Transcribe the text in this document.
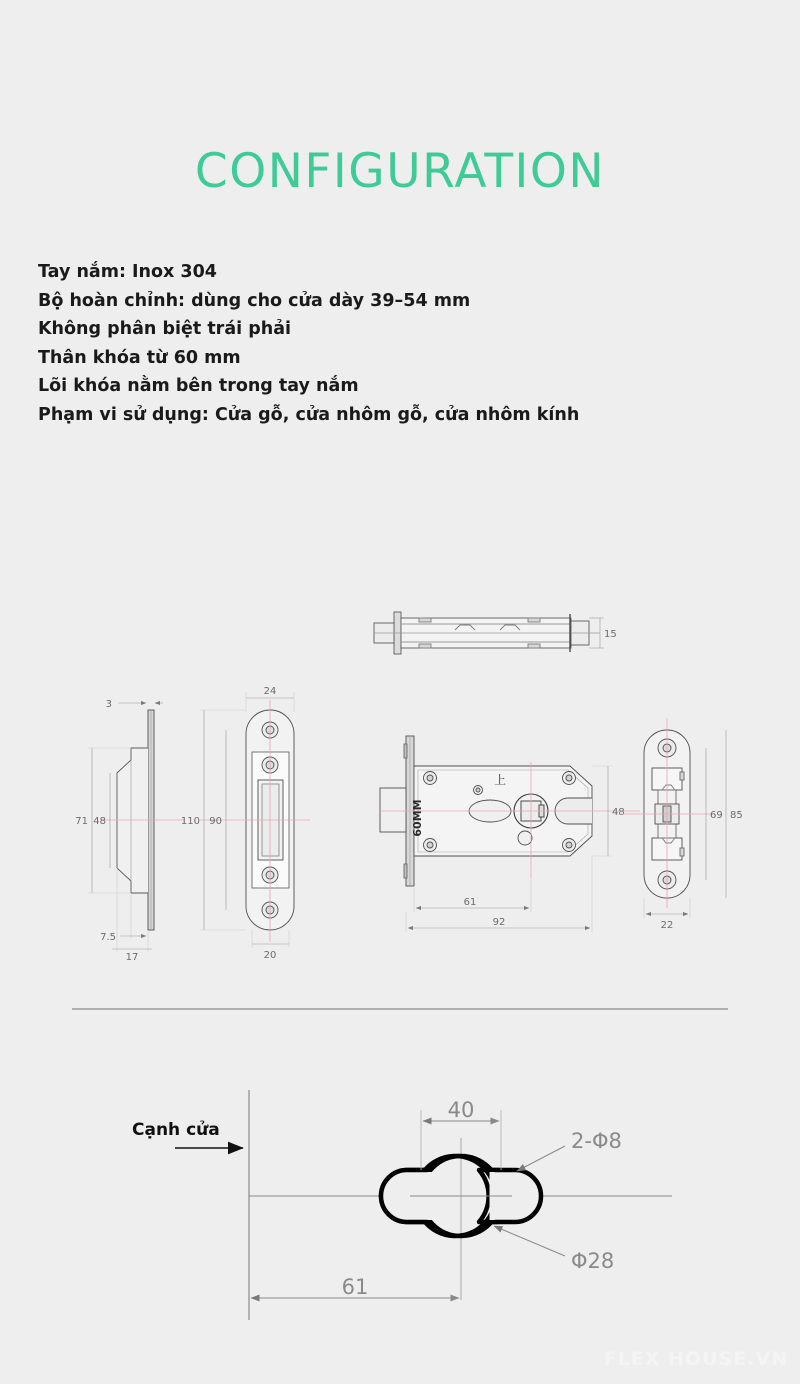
CONFIGURATION
Tay nắm: Inox 304
Bộ hoàn chỉnh: dùng cho cửa dày 39–54 mm
Không phân biệt trái phải
Thân khóa từ 60 mm
Lõi khóa nằm bên trong tay nắm
Phạm vi sử dụng: Cửa gỗ, cửa nhôm gỗ, cửa nhôm kính
15
3
71 48
7.5
17
24
110 90
20
上
60MM	48
61
92
69 85
22
Cạnh cửa
40
2-Φ8
Φ28
61
FLEX HOUSE.VN
